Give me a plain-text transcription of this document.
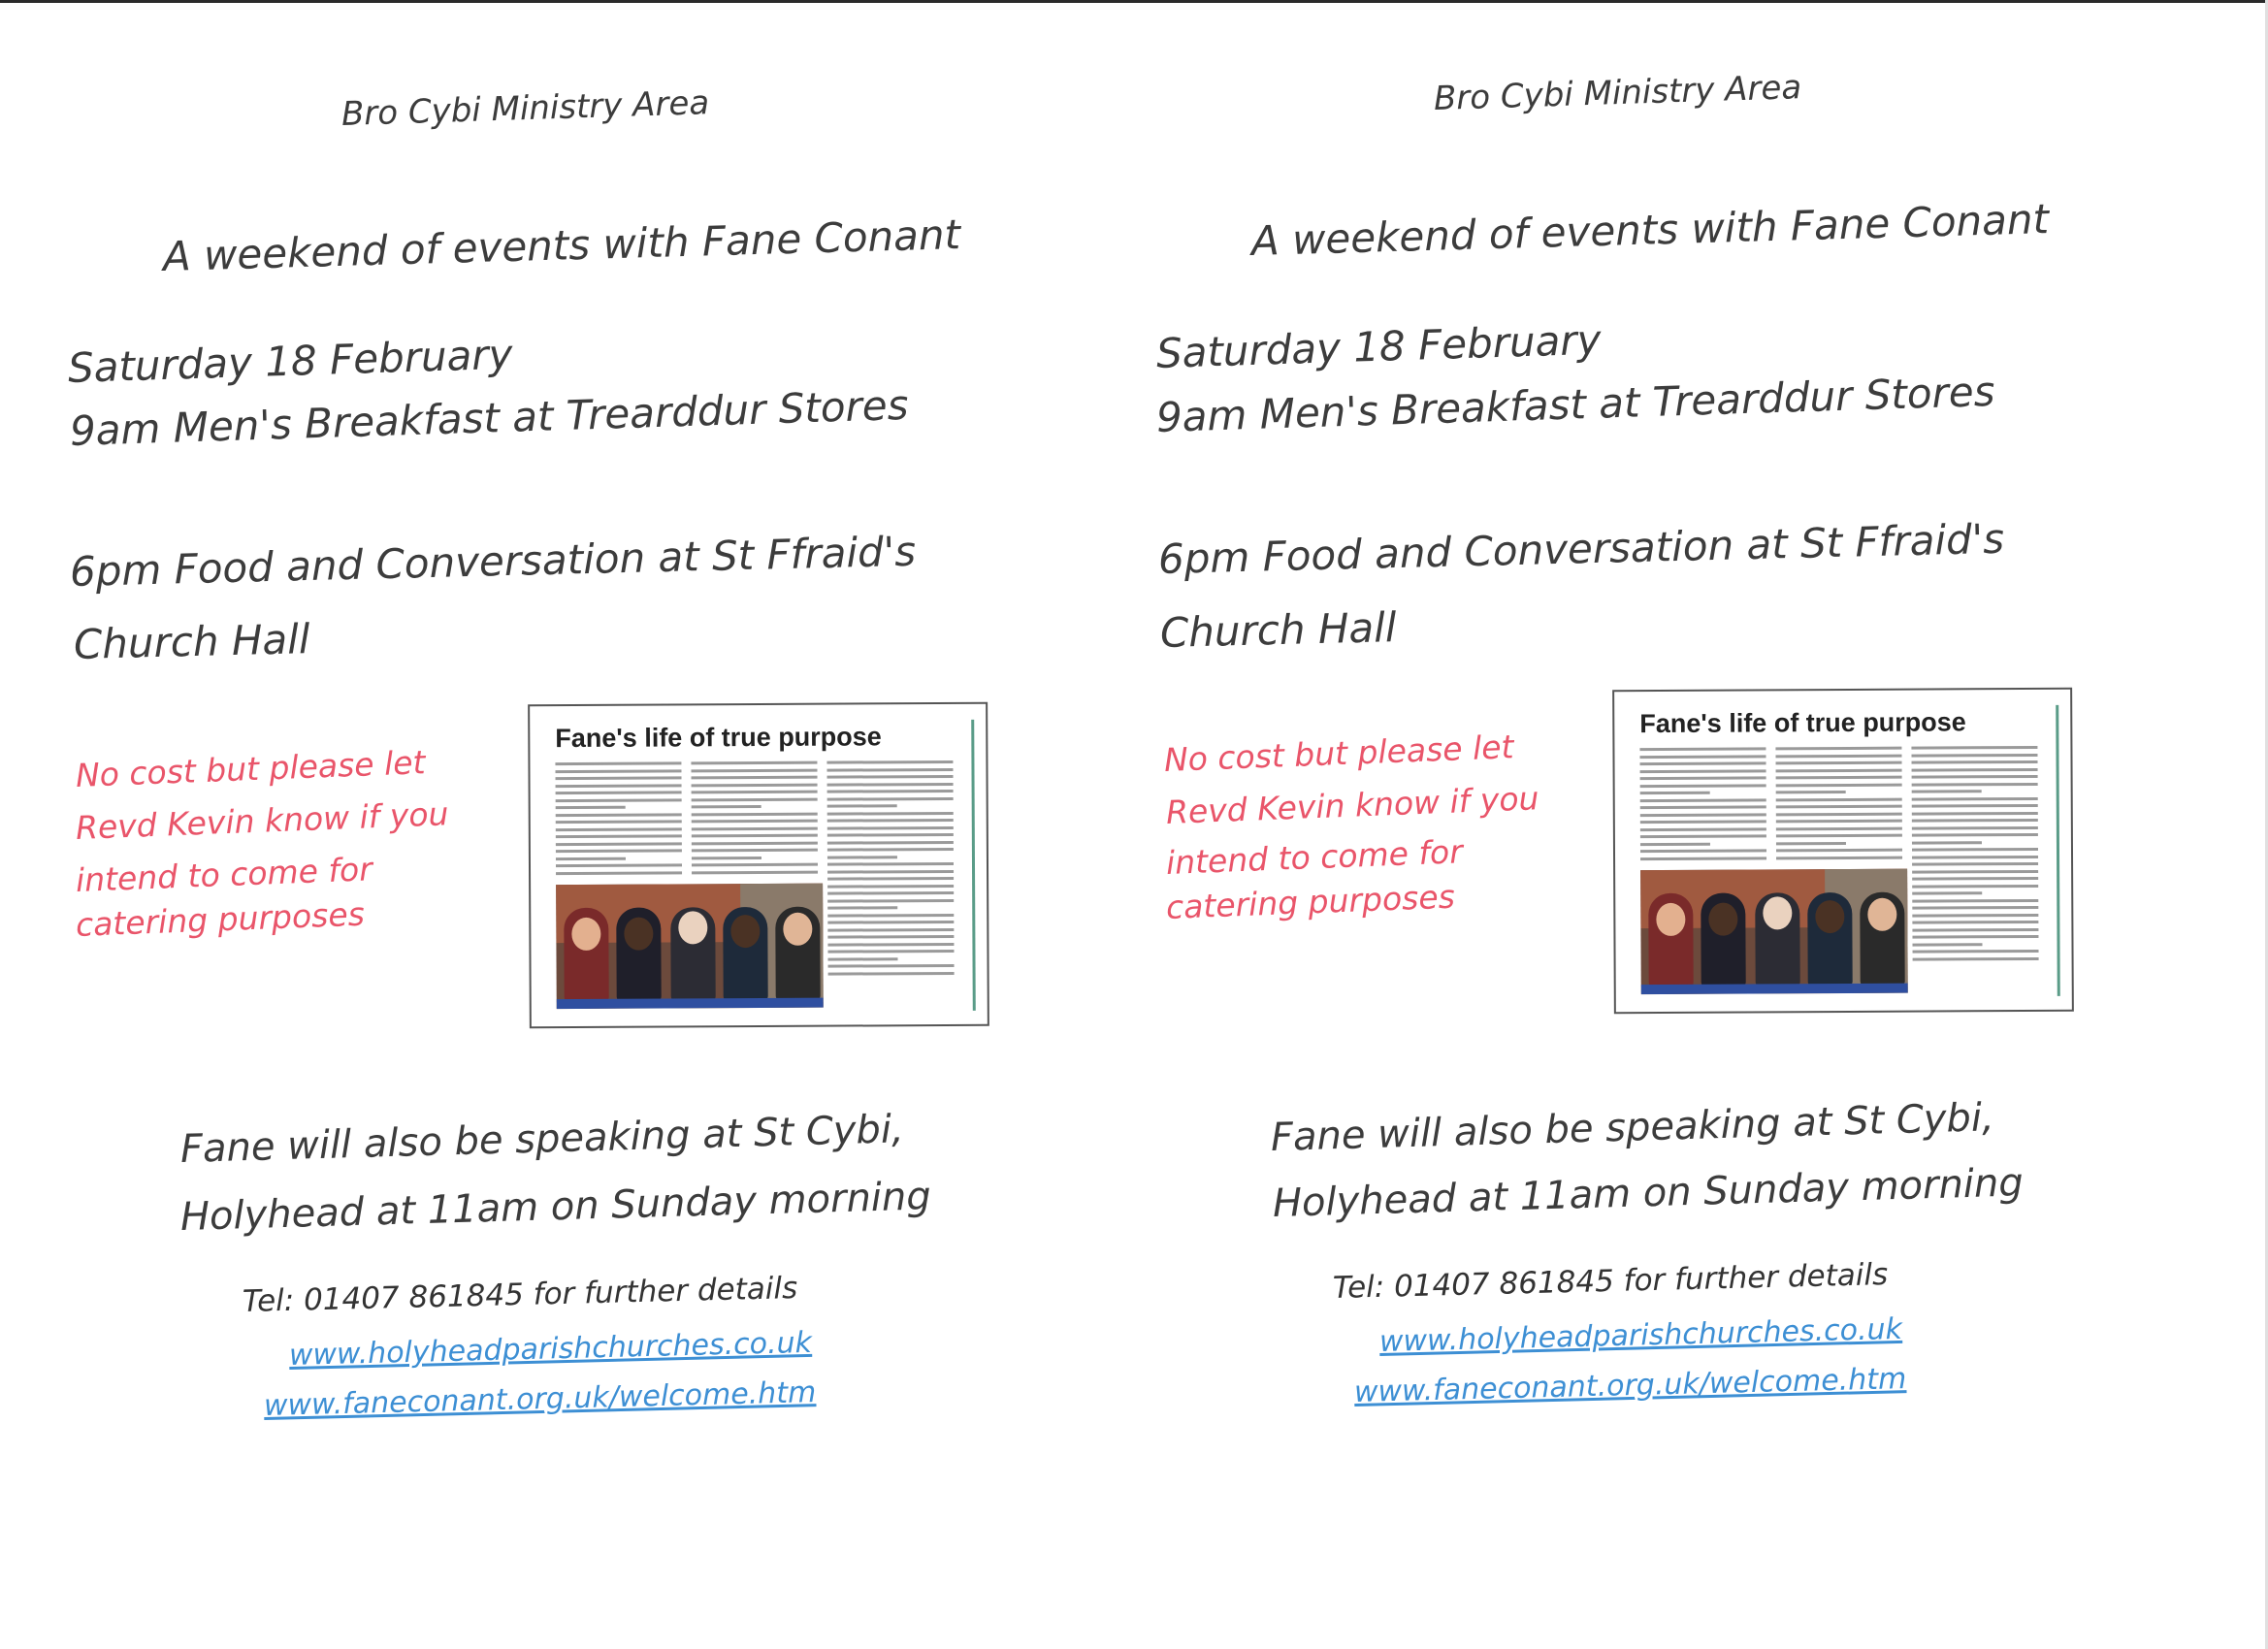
Bro Cybi Ministry Area
A weekend of events with Fane Conant
Saturday 18 February
9am Men's Breakfast at Trearddur Stores
6pm Food and Conversation at St Ffraid's
Church Hall
No cost but please let
Revd Kevin know if you
intend to come for
catering purposes
Fane's life of true purpose
Fane will also be speaking at St Cybi,
Holyhead at 11am on Sunday morning
Tel: 01407 861845 for further details
www.holyheadparishchurches.co.uk
www.faneconant.org.uk/welcome.htm
Bro Cybi Ministry Area
A weekend of events with Fane Conant
Saturday 18 February
9am Men's Breakfast at Trearddur Stores
6pm Food and Conversation at St Ffraid's
Church Hall
No cost but please let
Revd Kevin know if you
intend to come for
catering purposes
Fane's life of true purpose
Fane will also be speaking at St Cybi,
Holyhead at 11am on Sunday morning
Tel: 01407 861845 for further details
www.holyheadparishchurches.co.uk
www.faneconant.org.uk/welcome.htm
